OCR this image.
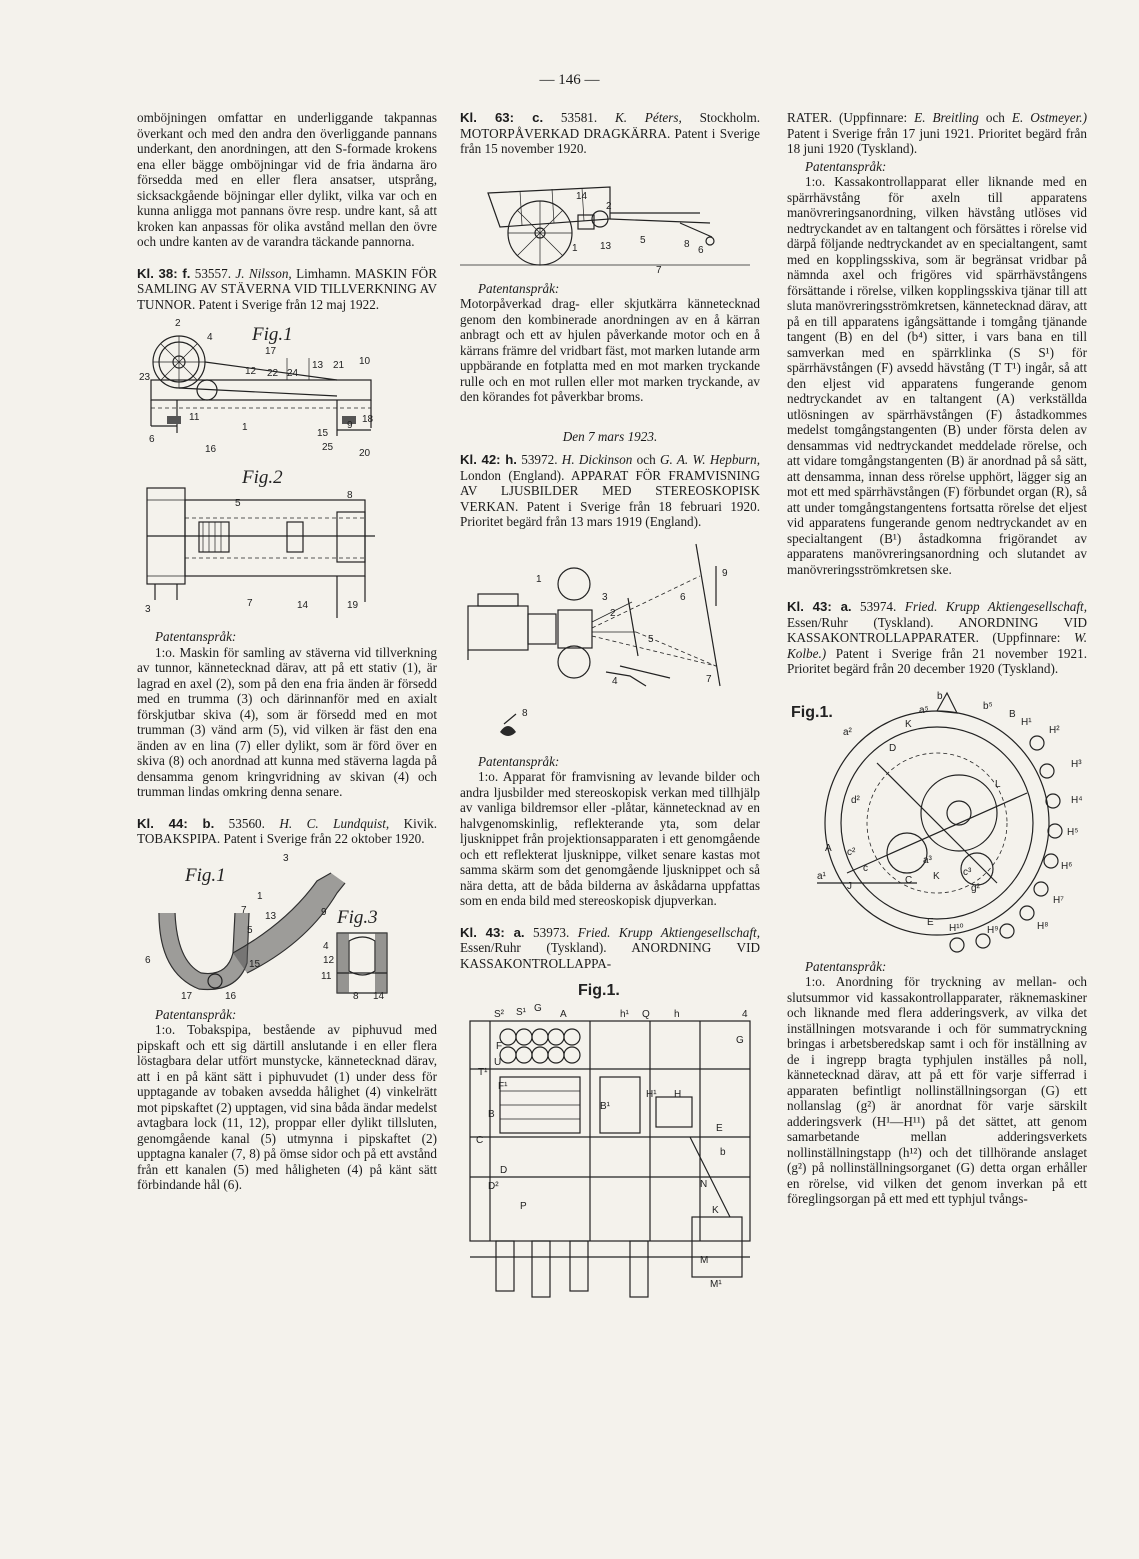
— 146 —

omböjningen omfattar en underliggande takpannas överkant och med den andra den överliggande pannans underkant, den anordningen, att den S-formade krokens ena eller bägge omböjningar vid de fria ändarna äro försedda med en eller flera ansatser, utsprång, sicksackgående böjningar eller dylikt, vilka var och en kunna anligga mot pannans övre resp. undre kant, så att kroken kan anpassas för olika avstånd mellan den övre och undre kanten av de varandra täckande pannorna.

Kl. 38: f. 53557. J. Nilsson, Limhamn. MASKIN FÖR SAMLING AV STÄVERNA VID TILLVERKNING AV TUNNOR. Patent i Sverige från 12 maj 1922.

Fig.1
Fig.2
2
4
17
13 21 10
12 22 24
23
11
1
15
9
18
25
20
6
16
3
5
8
7	14	19

Patentanspråk:

1:o. Maskin för samling av stäverna vid tillverkning av tunnor, kännetecknad därav, att på ett stativ (1), är lagrad en axel (2), som på den ena fria änden är försedd med en trumma (3) och därinnanför med en axialt förskjutbar skiva (4), som är försedd med en mot trumman (3) vänd arm (5), vid vilken är fäst den ena änden av en lina (7) eller dylikt, som är förd över en skiva (8) och anordnad att kunna med stäverna lagda på densamma genom kringvridning av skivan (4) och trumman lindas omkring denna senare.

Kl. 44: b. 53560. H. C. Lundquist, Kivik. TOBAKSPIPA. Patent i Sverige från 22 oktober 1920.

Fig.1
Fig.3
3
1
9
13
5
7
6	15
11
17	16
4
12
8 14

Patentanspråk:

1:o. Tobakspipa, bestående av piphuvud med pipskaft och ett sig därtill anslutande i en eller flera löstagbara delar utfört munstycke, kännetecknad därav, att i en på känt sätt i piphuvudet (1) under dess för upptagande av tobaken avsedda hålighet (4) vinkelrätt mot pipskaftet (2) upptagen, vid sina båda ändar medelst avtagbara lock (11, 12), proppar eller dylikt tillsluten, genomgående kanal (5) utmynna i pipskaftet (2) upptagna kanaler (7, 8) på ömse sidor och på ett avstånd från ett kanalen (5) med håligheten (4) på känt sätt förbindande hål (6).

Kl. 63: c. 53581. K. Péters, Stockholm. MOTORPÅVERKAD DRAGKÄRRA. Patent i Sverige från 15 november 1920.

14
2
1 13
5	8
6
7

Patentanspråk:

Motorpåverkad drag- eller skjutkärra kännetecknad genom den kombinerade anordningen av en å kärran anbragt och ett av hjulen påverkande motor och en å kärrans främre del vridbart fäst, mot marken lutande arm uppbärande en fotplatta med en mot marken tryckande rulle och en mot rullen eller mot marken tryckande, av den körandes fot påverkbar broms.

Den 7 mars 1923.

Kl. 42: h. 53972. H. Dickinson och G. A. W. Hepburn, London (England). APPARAT FÖR FRAMVISNING AV LJUSBILDER MED STEREOSKOPISK VERKAN. Patent i Sverige från 18 februari 1920. Prioritet begärd från 13 mars 1919 (England).

1
2
3
9
6
4
5
7
8

Patentanspråk:

1:o. Apparat för framvisning av levande bilder och andra ljusbilder med stereoskopisk verkan med tillhjälp av vanliga bildremsor eller -plåtar, kännetecknad av en halvgenomskinlig, reflekterande yta, som delar ljusknippet från projektionsapparaten i ett genomgående och ett reflekterat ljusknippe, vilket senare kastas mot samma skärm som det genomgående ljusknippet och så nära detta, att de båda bilderna av åskådarna uppfattas som en enda bild med stereoskopisk djupverkan.

Kl. 43: a. 53973. Fried. Krupp Aktiengesellschaft, Essen/Ruhr (Tyskland). ANORDNING VID KASSAKONTROLLAPPA-

Fig.1.
S² S¹ G
A	h¹ Q h	4
F
T¹
U
G
F¹
B
C
E
H¹ H
B¹
b
D
D²	N
K
P
M
M¹

RATER. (Uppfinnare: E. Breitling och E. Ostmeyer.) Patent i Sverige från 17 juni 1921. Prioritet begärd från 18 juni 1920 (Tyskland).

Patentanspråk:

1:o. Kassakontrollapparat eller liknande med en spärrhävstång för axeln till apparatens manövreringsanordning, vilken hävstång utlöses vid nedtryckandet av en taltangent och försättes i rörelse vid därpå följande nedtryckandet av en specialtangent, samt med en kopplingsskiva, som är begränsat vridbar på nämnda axel och frigöres vid spärrhävstångens försättande i rörelse, vilken kopplingsskiva tjänar till att sluta manövreringsströmkretsen, kännetecknad därav, att på en till apparatens igångsättande i tomgång tjänande tangent (B) en del (b⁴) sitter, i vars bana en till samverkan med en spärrklinka (S S¹) för spärrhävstången (F) avsedd hävstång (T T¹) ingår, så att den eljest vid apparatens fungerande genom nedtryckandet av en taltangent (A) verkställda utlösningen av spärrhävstången (F) åstadkommes medelst tomgångstangenten (B) under första delen av densammas vid nedtryckandet meddelade rörelse, och att vidare tomgångstangenten (B) är anordnad på så sätt, att densamma, innan dess rörelse upphört, lägger sig an mot ett med spärrhävstången (F) förbundet organ (R), så att under tomgångstangentens fortsatta rörelse det eljest vid apparatens fungerande genom nedtryckandet av en specialtangent (B¹) åstadkomna frigörandet av apparatens manövreringsanordning och slutandet av manövreringsströmkretsen ske.

Kl. 43: a. 53974. Fried. Krupp Aktiengesellschaft, Essen/Ruhr (Tyskland). ANORDNING VID KASSAKONTROLLAPPARATER. (Uppfinnare: W. Kolbe.) Patent i Sverige från 21 november 1921. Prioritet begärd från 20 december 1920 (Tyskland).

Fig.1.
b
a⁵	b⁵
B
H¹
H²
K
a²
D
H³
L
d²	H⁴
A c²
H⁵
a¹
c
J
a³
H⁶
K
C
c³
H⁷
g²
H⁸
H¹⁰
E
H⁹

Patentanspråk:

1:o. Anordning för tryckning av mellan- och slutsummor vid kassakontrollapparater, räknemaskiner och liknande med flera adderingsverk, av vilka det inställningen motsvarande i och för summatryckning bringas i arbetsberedskap samt i och för inställning av de i ingrepp bragta typhjulen inställes på noll, kännetecknad därav, att på ett för varje sifferrad i apparaten befintligt nollinställningsorgan (G) ett nollanslag (g²) är anordnat för varje särskilt adderingsverk (H¹—H¹¹) på det sättet, att genom samarbetande mellan adderingsverkets nollinställningstapp (h¹²) och det tillhörande anslaget (g²) på nollinställningsorganet (G) detta organ erhåller en rörelse, vid vilken det genom inverkan på ett föreglingsorgan på ett med ett typhjul tvångs-
